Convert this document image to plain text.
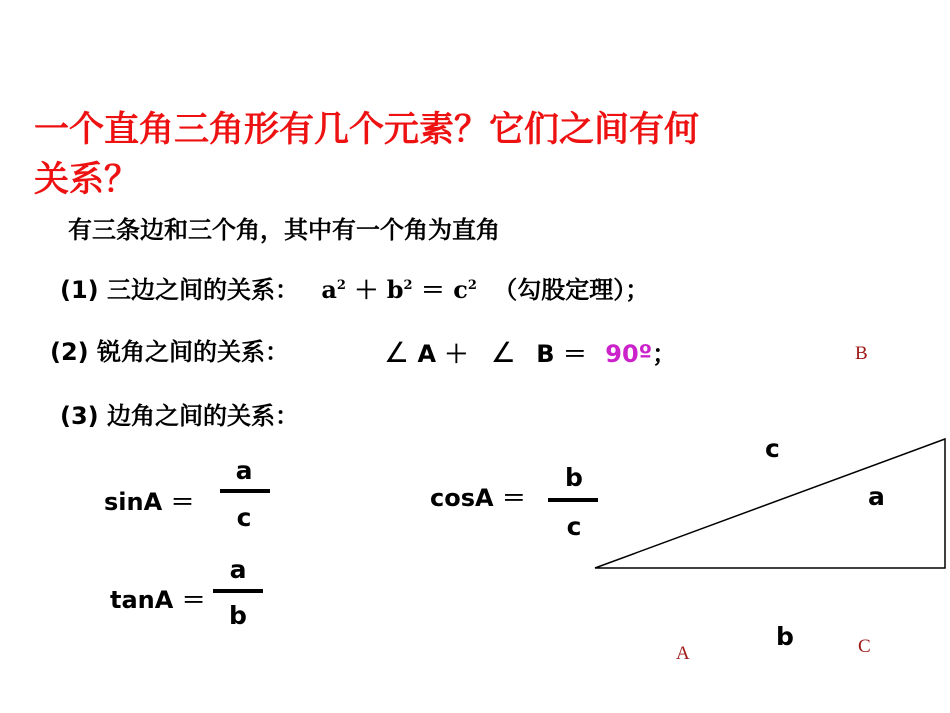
一个直角三角形有几个元素？它们之间有何
关系？
有三条边和三个角，其中有一个角为直角
(1) 三边之间的关系： $a^2 + b^2 = c^2$ （勾股定理）；
(2) 锐角之间的关系：	∠ A ＋ ∠ B ＝ 90º；
(3) 边角之间的关系：
sinA ＝
a
c
cosA ＝
b
c
tanA ＝
a
b
c
a
b
B
A	C
